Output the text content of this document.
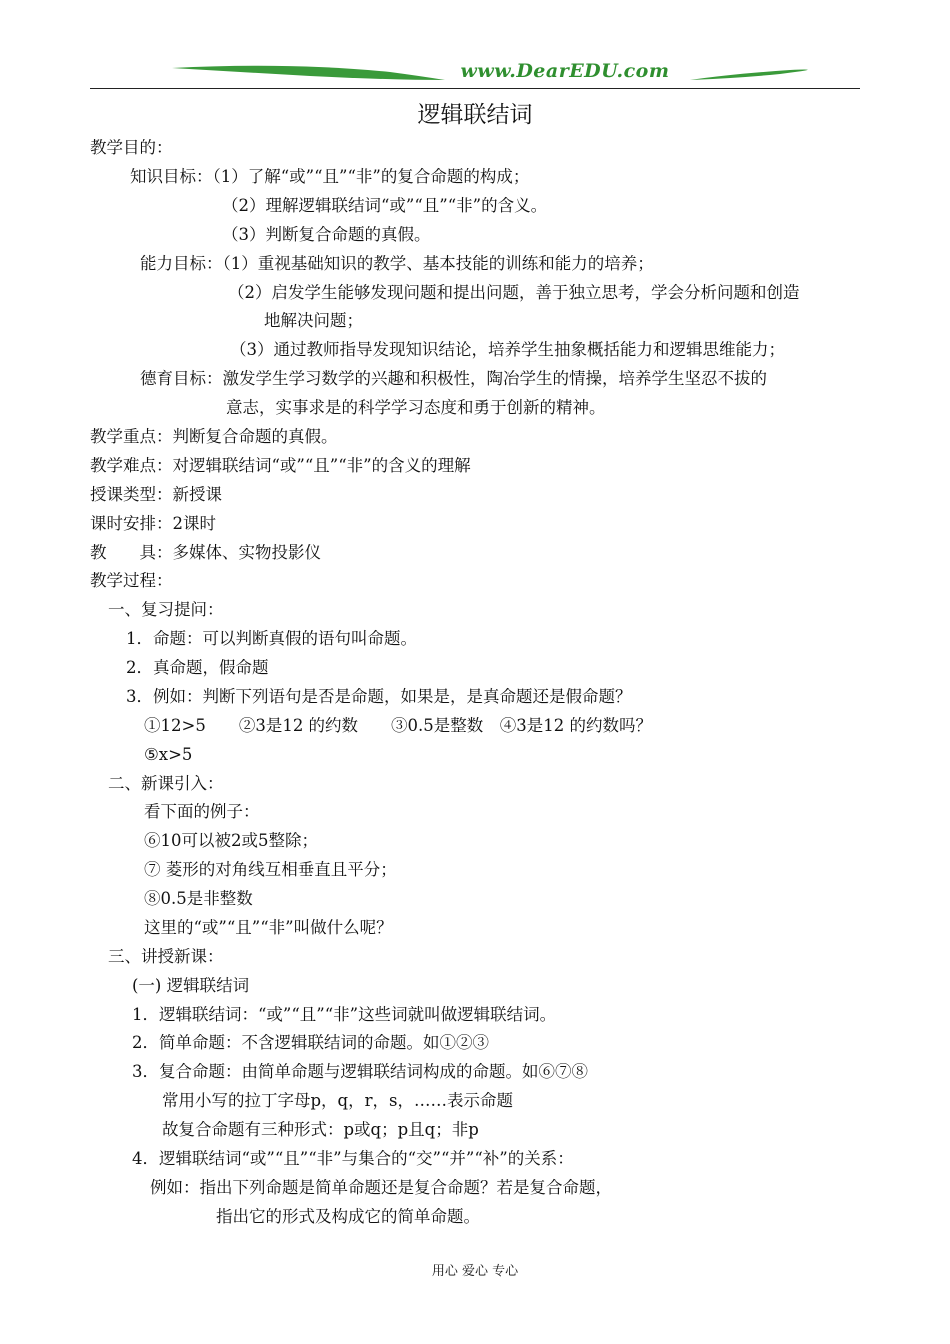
www.DearEDU.com
逻辑联结词
教学目的：
知识目标：（1）了解“或”“且”“非”的复合命题的构成；
（2）理解逻辑联结词“或”“且”“非”的含义。
（3）判断复合命题的真假。
能力目标：（1）重视基础知识的教学、基本技能的训练和能力的培养；
（2）启发学生能够发现问题和提出问题，善于独立思考，学会分析问题和创造
地解决问题；
（3）通过教师指导发现知识结论，培养学生抽象概括能力和逻辑思维能力；
德育目标：激发学生学习数学的兴趣和积极性，陶冶学生的情操，培养学生坚忍不拔的
意志，实事求是的科学学习态度和勇于创新的精神。
教学重点：判断复合命题的真假。
教学难点：对逻辑联结词“或”“且”“非”的含义的理解
授课类型：新授课
课时安排：2课时
教　　具：多媒体、实物投影仪
教学过程：
一、复习提问：
1．命题：可以判断真假的语句叫命题。
2．真命题，假命题
3．例如：判断下列语句是否是命题，如果是，是真命题还是假命题？
①12>5　　②3是12 的约数　　③0.5是整数　④3是12 的约数吗？
⑤x>5
二、新课引入：
看下面的例子：
⑥10可以被2或5整除；
⑦ 菱形的对角线互相垂直且平分；
⑧0.5是非整数
这里的“或”“且”“非”叫做什么呢？
三、讲授新课：
(一) 逻辑联结词
1．逻辑联结词：“或”“且”“非”这些词就叫做逻辑联结词。
2．简单命题：不含逻辑联结词的命题。如①②③
3．复合命题：由简单命题与逻辑联结词构成的命题。如⑥⑦⑧
常用小写的拉丁字母p，q，r，s，……表示命题
故复合命题有三种形式：p或q；p且q；非p
4．逻辑联结词“或”“且”“非”与集合的“交”“并”“补”的关系：
例如：指出下列命题是简单命题还是复合命题？若是复合命题，
指出它的形式及构成它的简单命题。
用心 爱心 专心
